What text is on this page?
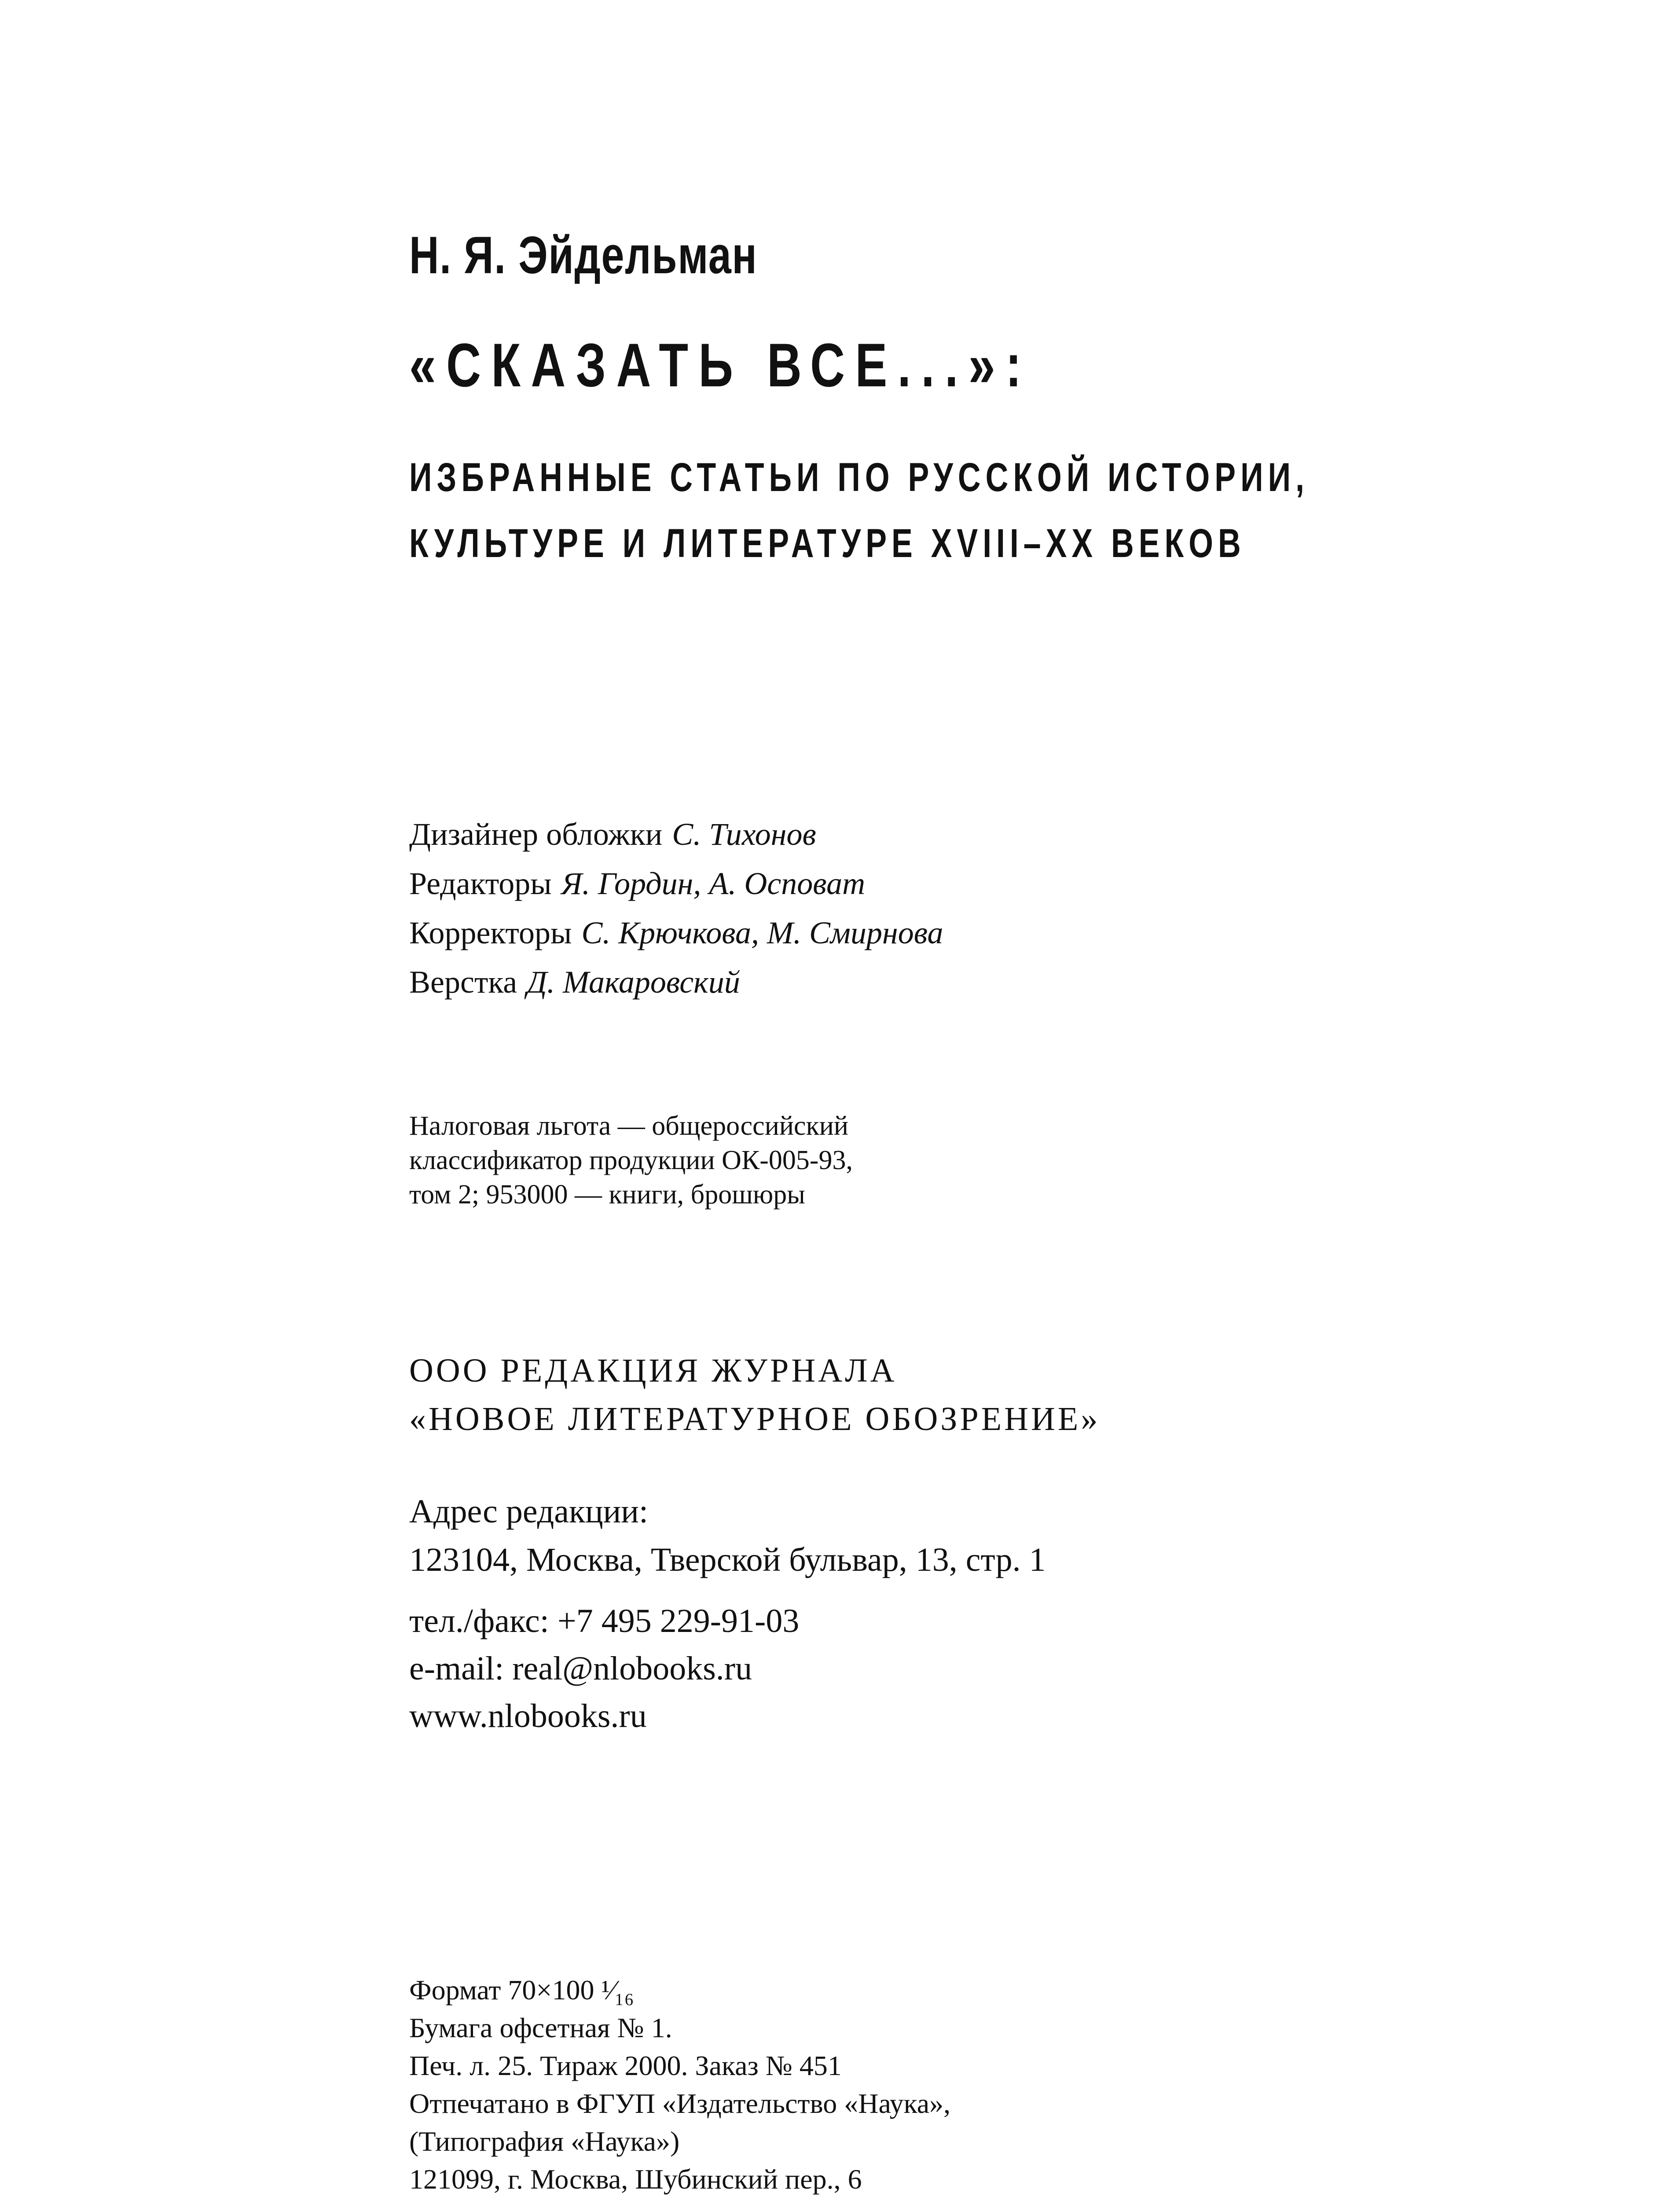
Н. Я. Эйдельман
«СКАЗАТЬ ВСЕ...»:
ИЗБРАННЫЕ СТАТЬИ ПО РУССКОЙ ИСТОРИИ,
КУЛЬТУРЕ И ЛИТЕРАТУРЕ XVIII–XX ВЕКОВ
Дизайнер обложки С. Тихонов
Редакторы Я. Гордин, А. Осповат
Корректоры С. Крючкова, М. Смирнова
Верстка Д. Макаровский
Налоговая льгота — общероссийский
классификатор продукции ОК-005-93,
том 2; 953000 — книги, брошюры
ООО РЕДАКЦИЯ ЖУРНАЛА
«НОВОЕ ЛИТЕРАТУРНОЕ ОБОЗРЕНИЕ»
Адрес редакции:
123104, Москва, Тверской бульвар, 13, стр. 1
тел./факс: +7 495 229-91-03
e-mail: real@nlobooks.ru
www.nlobooks.ru
Формат 70×100 ¹⁄₁₆
Бумага офсетная № 1.
Печ. л. 25. Тираж 2000. Заказ № 451
Отпечатано в ФГУП «Издательство «Наука»,
(Типография «Наука»)
121099, г. Москва, Шубинский пер., 6
